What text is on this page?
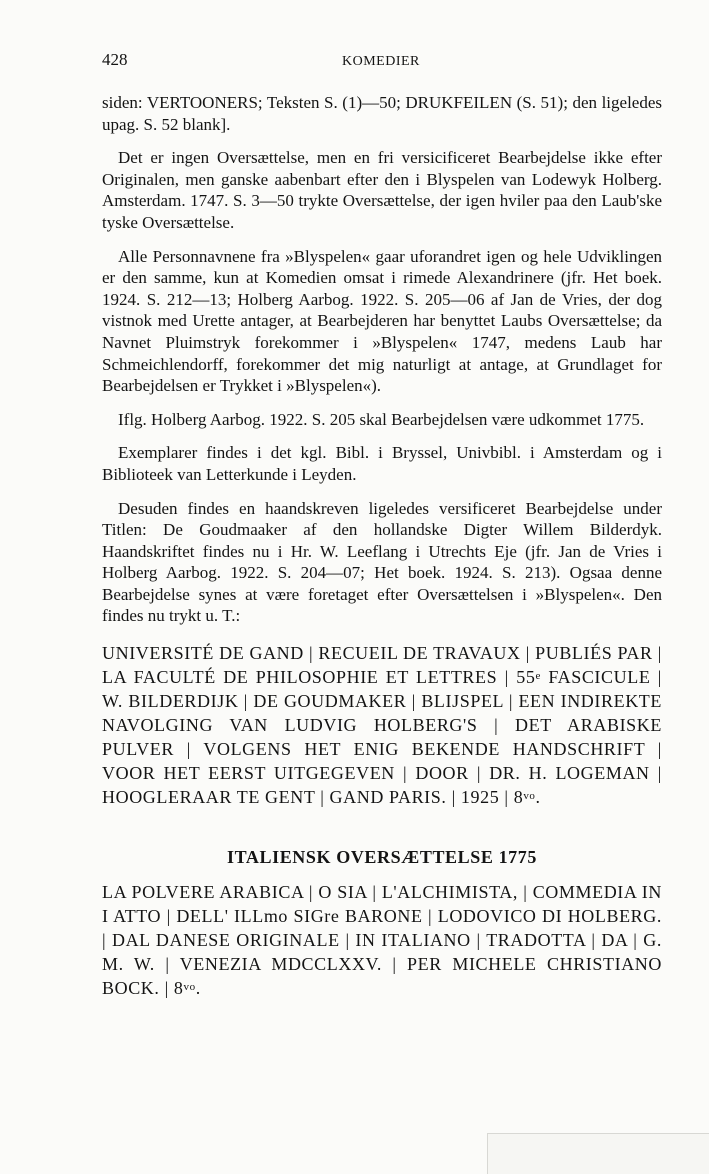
428	KOMEDIER

siden: VERTOONERS; Teksten S. (1)—50; DRUKFEILEN (S. 51); den ligeledes upag. S. 52 blank].

Det er ingen Oversættelse, men en fri versicificeret Bearbejdelse ikke efter Originalen, men ganske aabenbart efter den i Blyspelen van Lodewyk Holberg. Amsterdam. 1747. S. 3—50 trykte Oversættelse, der igen hviler paa den Laub'ske tyske Oversættelse.

Alle Personnavnene fra »Blyspelen« gaar uforandret igen og hele Udviklingen er den samme, kun at Komedien omsat i rimede Alexandrinere (jfr. Het boek. 1924. S. 212—13; Holberg Aarbog. 1922. S. 205—06 af Jan de Vries, der dog vistnok med Urette antager, at Bearbejderen har benyttet Laubs Oversættelse; da Navnet Pluimstryk forekommer i »Blyspelen« 1747, medens Laub har Schmeichlendorff, forekommer det mig naturligt at antage, at Grundlaget for Bearbejdelsen er Trykket i »Blyspelen«).

Iflg. Holberg Aarbog. 1922. S. 205 skal Bearbejdelsen være udkommet 1775.

Exemplarer findes i det kgl. Bibl. i Bryssel, Univbibl. i Amsterdam og i Biblioteek van Letterkunde i Leyden.

Desuden findes en haandskreven ligeledes versificeret Bearbejdelse under Titlen: De Goudmaaker af den hollandske Digter Willem Bilderdyk. Haandskriftet findes nu i Hr. W. Leeflang i Utrechts Eje (jfr. Jan de Vries i Holberg Aarbog. 1922. S. 204—07; Het boek. 1924. S. 213). Ogsaa denne Bearbejdelse synes at være foretaget efter Oversættelsen i »Blyspelen«. Den findes nu trykt u. T.:

UNIVERSITÉ DE GAND | RECUEIL DE TRAVAUX | PUBLIÉS PAR | LA FACULTÉ DE PHILOSOPHIE ET LETTRES | 55e FASCICULE | W. BILDERDIJK | DE GOUDMAKER | BLIJSPEL | EEN INDIREKTE NAVOLGING VAN LUDVIG HOLBERG'S | DET ARABISKE PULVER | VOLGENS HET ENIG BEKENDE HANDSCHRIFT | VOOR HET EERST UITGEGEVEN | DOOR | DR. H. LOGEMAN | HOOGLERAAR TE GENT | GAND PARIS. | 1925 | $8^{vo}$.

ITALIENSK OVERSÆTTELSE 1775

LA POLVERE ARABICA | O SIA | L'ALCHIMISTA, | COMMEDIA IN I ATTO | DELL' ILLmo SIGre BARONE | LODOVICO DI HOLBERG. | DAL DANESE ORIGINALE | IN ITALIANO | TRADOTTA | DA | G. M. W. | VENEZIA MDCCLXXV. | PER MICHELE CHRISTIANO BOCK. | $8^{vo}$.
